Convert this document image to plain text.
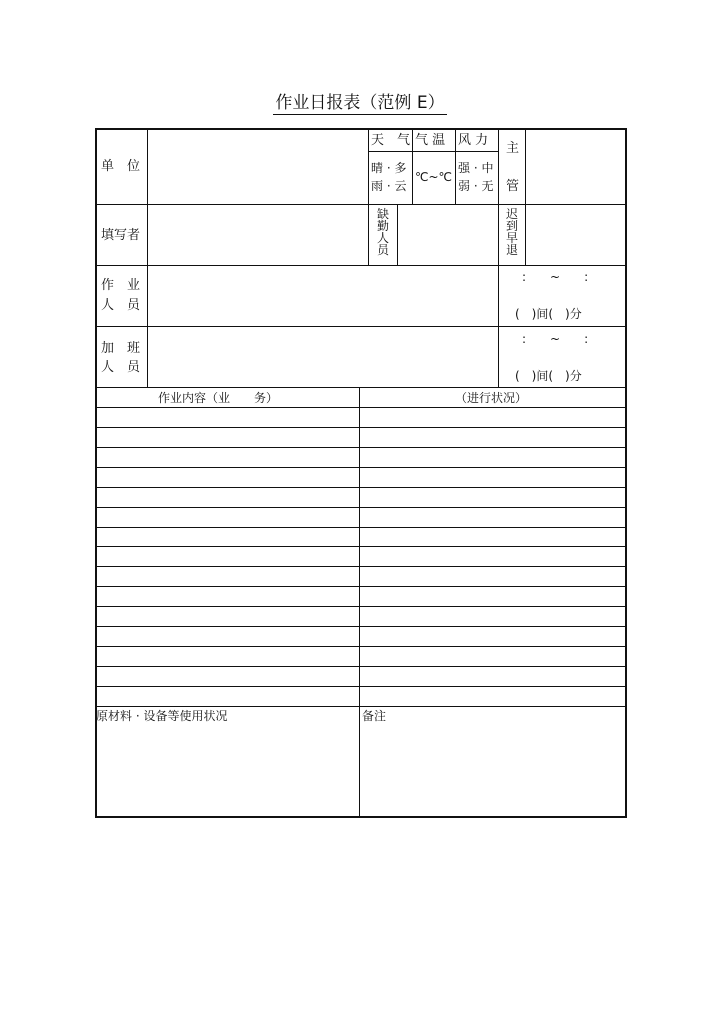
作业日报表（范例 E）
单　位
天　气
晴 · 多
雨 · 云
气 温
℃~℃
风 力
强 · 中
弱 · 无
主
管
填写者
缺勤人员
迟到早退
作　业
人　员
:　　~　　:
(　)间(　)分
加　班
人　员
:　　~　　:
(　)间(　)分
作业内容（业　　务）	（进行状况）
原材料 · 设备等使用状况	备注
